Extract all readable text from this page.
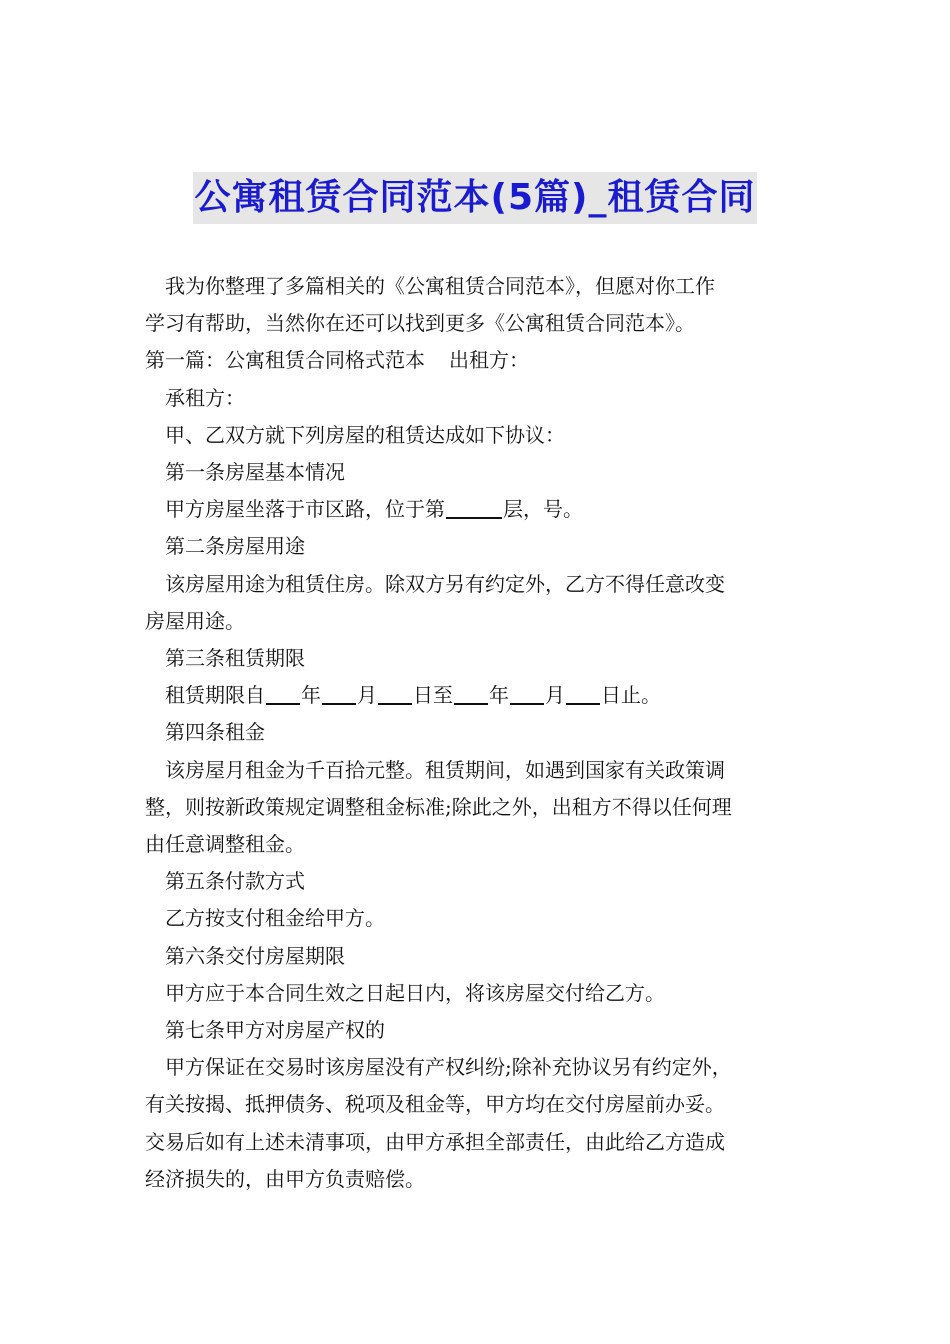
公寓租赁合同范本(5篇)_租赁合同

我为你整理了多篇相关的《公寓租赁合同范本》，但愿对你工作

学习有帮助，当然你在还可以找到更多《公寓租赁合同范本》。

第一篇：公寓租赁合同格式范本 出租方：

承租方：

甲、乙双方就下列房屋的租赁达成如下协议：

第一条房屋基本情况

甲方房屋坐落于市区路，位于第	层，号。

第二条房屋用途

该房屋用途为租赁住房。除双方另有约定外，乙方不得任意改变

房屋用途。

第三条租赁期限

租赁期限自 年 月 日至 年 月 日止。

第四条租金

该房屋月租金为千百拾元整。租赁期间，如遇到国家有关政策调

整，则按新政策规定调整租金标准;除此之外，出租方不得以任何理

由任意调整租金。

第五条付款方式

乙方按支付租金给甲方。

第六条交付房屋期限

甲方应于本合同生效之日起日内，将该房屋交付给乙方。

第七条甲方对房屋产权的

甲方保证在交易时该房屋没有产权纠纷;除补充协议另有约定外，

有关按揭、抵押债务、税项及租金等，甲方均在交付房屋前办妥。

交易后如有上述未清事项，由甲方承担全部责任，由此给乙方造成

经济损失的，由甲方负责赔偿。
